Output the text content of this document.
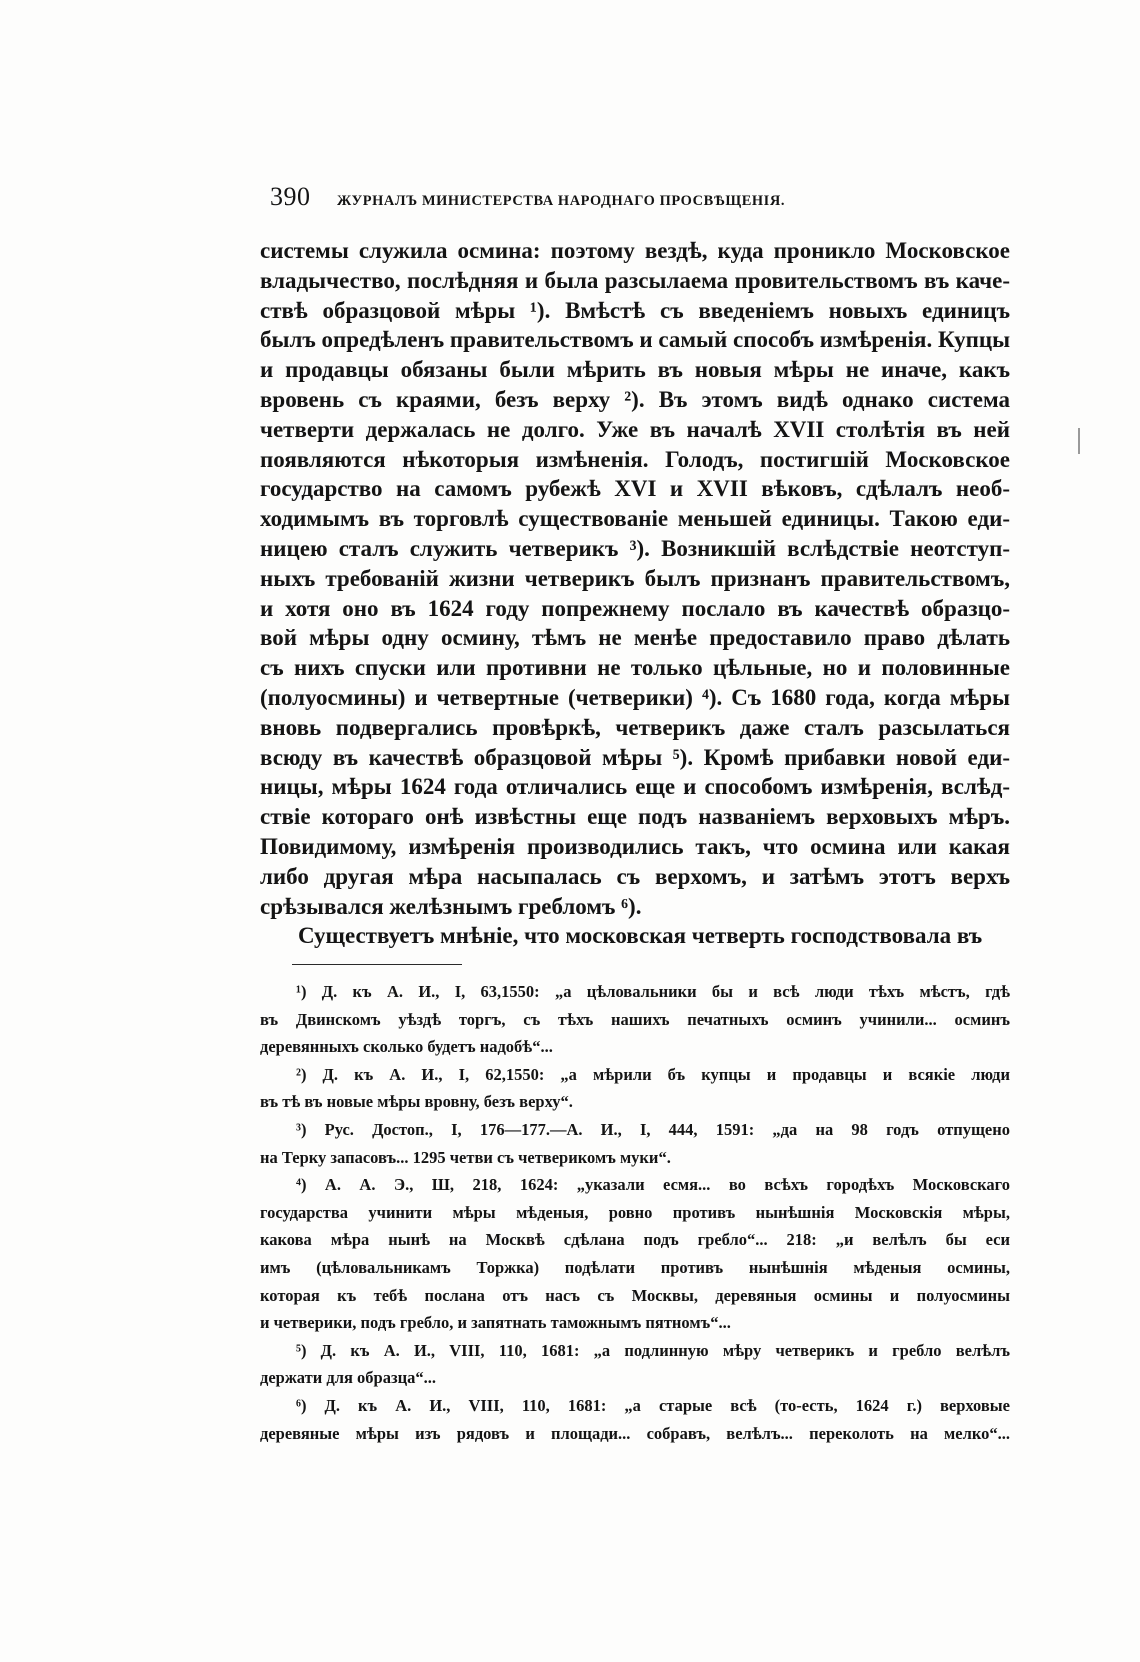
390 ЖУРНАЛЪ МИНИСТЕРСТВА НАРОДНАГО ПРОСВѢЩЕНІЯ.
системы служила осмина: поэтому вездѣ, куда проникло Московское
владычество, послѣдняя и была разсылаема провительствомъ въ каче-
ствѣ образцовой мѣры ¹). Вмѣстѣ съ введеніемъ новыхъ единицъ
былъ опредѣленъ правительствомъ и самый способъ измѣренія. Купцы
и продавцы обязаны были мѣрить въ новыя мѣры не иначе, какъ
вровень съ краями, безъ верху ²). Въ этомъ видѣ однако система
четверти держалась не долго. Уже въ началѣ XVII столѣтія въ ней
появляются нѣкоторыя измѣненія. Голодъ, постигшій Московское
государство на самомъ рубежѣ XVI и XVII вѣковъ, сдѣлалъ необ-
ходимымъ въ торговлѣ существованіе меньшей единицы. Такою еди-
ницею сталъ служить четверикъ ³). Возникшій вслѣдствіе неотступ-
ныхъ требованій жизни четверикъ былъ признанъ правительствомъ,
и хотя оно въ 1624 году попрежнему послало въ качествѣ образцо-
вой мѣры одну осмину, тѣмъ не менѣе предоставило право дѣлать
съ нихъ спуски или противни не только цѣльные, но и половинные
(полуосмины) и четвертные (четверики) ⁴). Съ 1680 года, когда мѣры
вновь подвергались провѣркѣ, четверикъ даже сталъ разсылаться
всюду въ качествѣ образцовой мѣры ⁵). Кромѣ прибавки новой еди-
ницы, мѣры 1624 года отличались еще и способомъ измѣренія, вслѣд-
ствіе котораго онѣ извѣстны еще подъ названіемъ верховыхъ мѣръ.
Повидимому, измѣренія производились такъ, что осмина или какая
либо другая мѣра насыпалась съ верхомъ, и затѣмъ этотъ верхъ
срѣзывался желѣзнымъ гребломъ ⁶).
Существуетъ мнѣніе, что московская четверть господствовала въ
¹) Д. къ А. И., I, 63,1550: „а цѣловальники бы и всѣ люди тѣхъ мѣстъ, гдѣ
въ Двинскомъ уѣздѣ торгъ, съ тѣхъ нашихъ печатныхъ осминъ учинили... осминъ
деревянныхъ сколько будетъ надобѣ“...
²) Д. къ А. И., I, 62,1550: „а мѣрили бъ купцы и продавцы и всякіе люди
въ тѣ въ новые мѣры вровну, безъ верху“.
³) Рус. Достоп., I, 176—177.—А. И., I, 444, 1591: „да на 98 годъ отпущено
на Терку запасовъ... 1295 четви съ четверикомъ муки“.
⁴) А. А. Э., Ш, 218, 1624: „указали есмя... во всѣхъ городѣхъ Московскаго
государства учинити мѣры мѣденыя, ровно противъ нынѣшнія Московскія мѣры,
какова мѣра нынѣ на Москвѣ сдѣлана подъ гребло“... 218: „и велѣлъ бы еси
имъ (цѣловальникамъ Торжка) подѣлати противъ нынѣшнія мѣденыя осмины,
которая къ тебѣ послана отъ насъ съ Москвы, деревяныя осмины и полуосмины
и четверики, подъ гребло, и запятнать таможнымъ пятномъ“...
⁵) Д. къ А. И., VIII, 110, 1681: „а подлинную мѣру четверикъ и гребло велѣлъ
держати для образца“...
⁶) Д. къ А. И., VIII, 110, 1681: „а старые всѣ (то-есть, 1624 г.) верховые
деревяные мѣры изъ рядовъ и площади... собравъ, велѣлъ... переколоть на мелко“...
